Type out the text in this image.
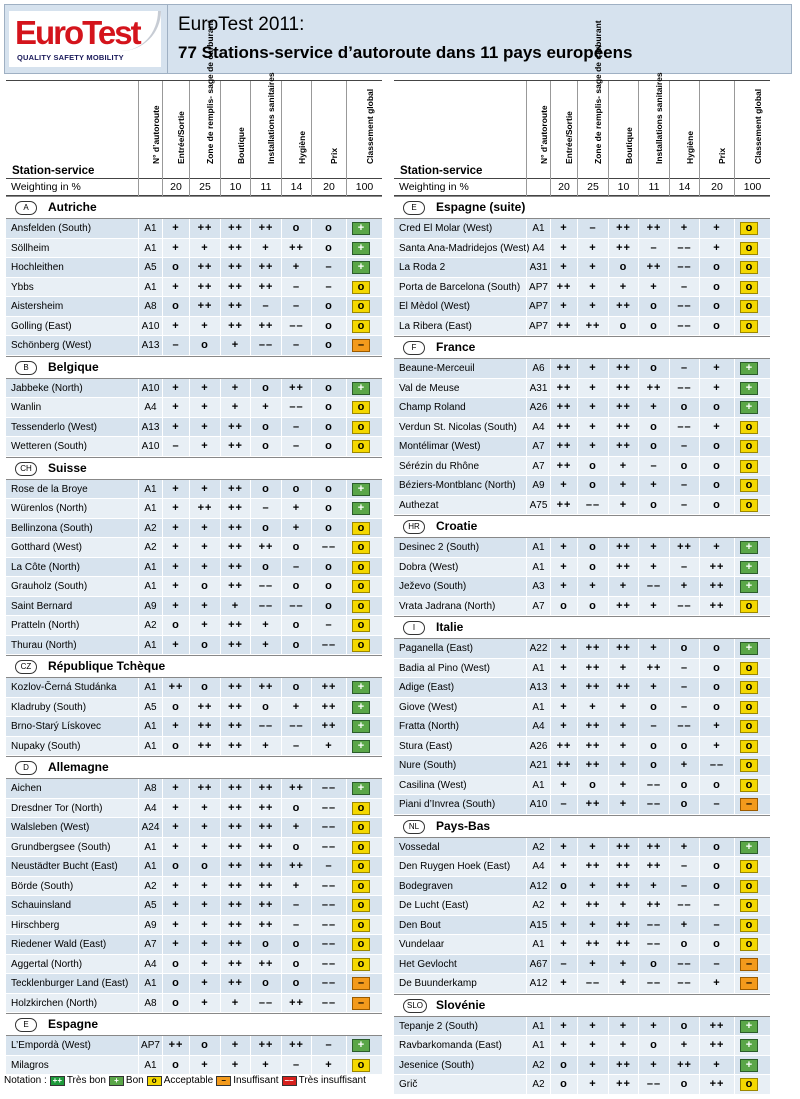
EuroTest
QUALITY SAFETY MOBILITY
EuroTest 2011:
77 Stations-service d’autoroute dans 11 pays européens
Station-service
N° d’autoroute Entrée/Sortie Zone de remplis- sage de carburant Boutique Installations sanitaires Hygiène	Prix	Classement global
Weighting in %	20	25	10	11	14	20	100
A	Autriche
Ansfelden (South)	A1	+	++	++	++	o	o	+
Söllheim	A1	+	+	++	+	++	o	+
Hochleithen	A5	o	++	++	++	+	–	+
Ybbs	A1	+	++	++	++	–	–	o
Aistersheim	A8	o	++	++	–	–	o	o
Golling (East)	A10	+	+	++	++	––	o	o
Schönberg (West)	A13	–	o	+	––	–	o	–
B	Belgique
Jabbeke (North)	A10	+	+	+	o	++	o	+
Wanlin	A4	+	+	+	+	––	o	o
Tessenderlo (West)	A13	+	+	++	o	–	o	o
Wetteren (South)	A10	–	+	++	o	–	o	o
CH	Suisse
Rose de la Broye	A1	+	+	++	o	o	o	+
Würenlos (North)	A1	+	++	++	–	+	o	+
Bellinzona (South)	A2	+	+	++	o	+	o	o
Gotthard (West)	A2	+	+	++	++	o	––	o
La Côte (North)	A1	+	+	++	o	–	o	o
Grauholz (South)	A1	+	o	++	––	o	o	o
Saint Bernard	A9	+	+	+	––	––	o	o
Pratteln (North)	A2	o	+	++	+	o	–	o
Thurau (North)	A1	+	o	++	+	o	––	o
CZ	République Tchèque
Kozlov-Černá Studánka	A1	++	o	++	++	o	++	+
Kladruby (South)	A5	o	++	++	o	+	++	+
Brno-Starý Lískovec	A1	+	++	++	––	––	++	+
Nupaky (South)	A1	o	++	++	+	–	+	+
D	Allemagne
Aichen	A8	+	++	++	++	++	––	+
Dresdner Tor (North)	A4	+	+	++	++	o	––	o
Walsleben (West)	A24	+	+	++	++	+	––	o
Grundbergsee (South)	A1	+	+	++	++	o	––	o
Neustädter Bucht (East)	A1	o	o	++	++	++	–	o
Börde (South)	A2	+	+	++	++	+	––	o
Schauinsland	A5	+	+	++	++	–	––	o
Hirschberg	A9	+	+	++	++	–	––	o
Riedener Wald (East)	A7	+	+	++	o	o	––	o
Aggertal (North)	A4	o	+	++	++	o	––	o
Tecklenburger Land (East)	A1	o	+	++	o	o	––	–
Holzkirchen (North)	A8	o	+	+	––	++	––	–
E	Espagne
L’Empordà (West)	AP7 ++	o	+	++	++	–	+
Milagros	A1	o	+	+	+	–	+	o
Station-service
N° d’autoroute Entrée/Sortie Zone de remplis- sage de carburant Boutique Installations sanitaires Hygiène	Prix	Classement global
Weighting in %	20	25	10	11	14	20	100
E	Espagne (suite)
Cred El Molar (West)	A1	+	–	++	++	+	+	o
Santa Ana-Madridejos (West) A4	+	+	++	–	––	+	o
La Roda 2	A31	+	+	o	++	––	o	o
Porta de Barcelona (South) AP7 ++	+	+	+	–	o	o
El Mèdol (West)	AP7	+	+	++	o	––	o	o
La Ribera (East)	AP7 ++	++	o	o	––	o	o
F	France
Beaune-Merceuil	A6	++	+	++	o	–	+	+
Val de Meuse	A31 ++	+	++	++	––	+	+
Champ Roland	A26 ++	+	++	+	o	o	+
Verdun St. Nicolas (South)	A4	++	+	++	o	––	+	o
Montélimar (West)	A7	++	+	++	o	–	o	o
Sérézin du Rhône	A7	++	o	+	–	o	o	o
Béziers-Montblanc (North)	A9	+	o	+	+	–	o	o
Authezat	A75 ++	––	+	o	–	o	o
HR	Croatie
Desinec 2 (South)	A1	+	o	++	+	++	+	+
Dobra (West)	A1	+	o	++	+	–	++	+
Ježevo (South)	A3	+	+	+	––	+	++	+
Vrata Jadrana (North)	A7	o	o	++	+	––	++	o
I	Italie
Paganella (East)	A22	+	++	++	+	o	o	+
Badia al Pino (West)	A1	+	++	+	++	–	o	o
Adige (East)	A13	+	++	++	+	–	o	o
Giove (West)	A1	+	+	+	o	–	o	o
Fratta (North)	A4	+	++	+	–	––	+	o
Stura (East)	A26 ++	++	+	o	o	+	o
Nure (South)	A21 ++	++	+	o	+	––	o
Casilina (West)	A1	+	o	+	––	o	o	o
Piani d’Invrea (South)	A10	–	++	+	––	o	–	–
NL	Pays-Bas
Vossedal	A2	+	+	++	++	+	o	+
Den Ruygen Hoek (East)	A4	+	++	++	++	–	o	o
Bodegraven	A12	o	+	++	+	–	o	o
De Lucht (East)	A2	+	++	+	++	––	–	o
Den Bout	A15	+	+	++	––	+	–	o
Vundelaar	A1	+	++	++	––	o	o	o
Het Gevlocht	A67	–	+	+	o	––	–	–
De Buunderkamp	A12	+	––	+	––	––	+	–
SLO	Slovénie
Tepanje 2 (South)	A1	+	+	+	+	o	++	+
Ravbarkomanda (East)	A1	+	+	+	o	+	++	+
Jesenice (South)	A2	o	+	++	+	++	+	+
Grič	A2	o	+	++	––	o	++	o
Notation : ++ Très bon + Bon o Acceptable – Insuffisant –– Très insuffisant
